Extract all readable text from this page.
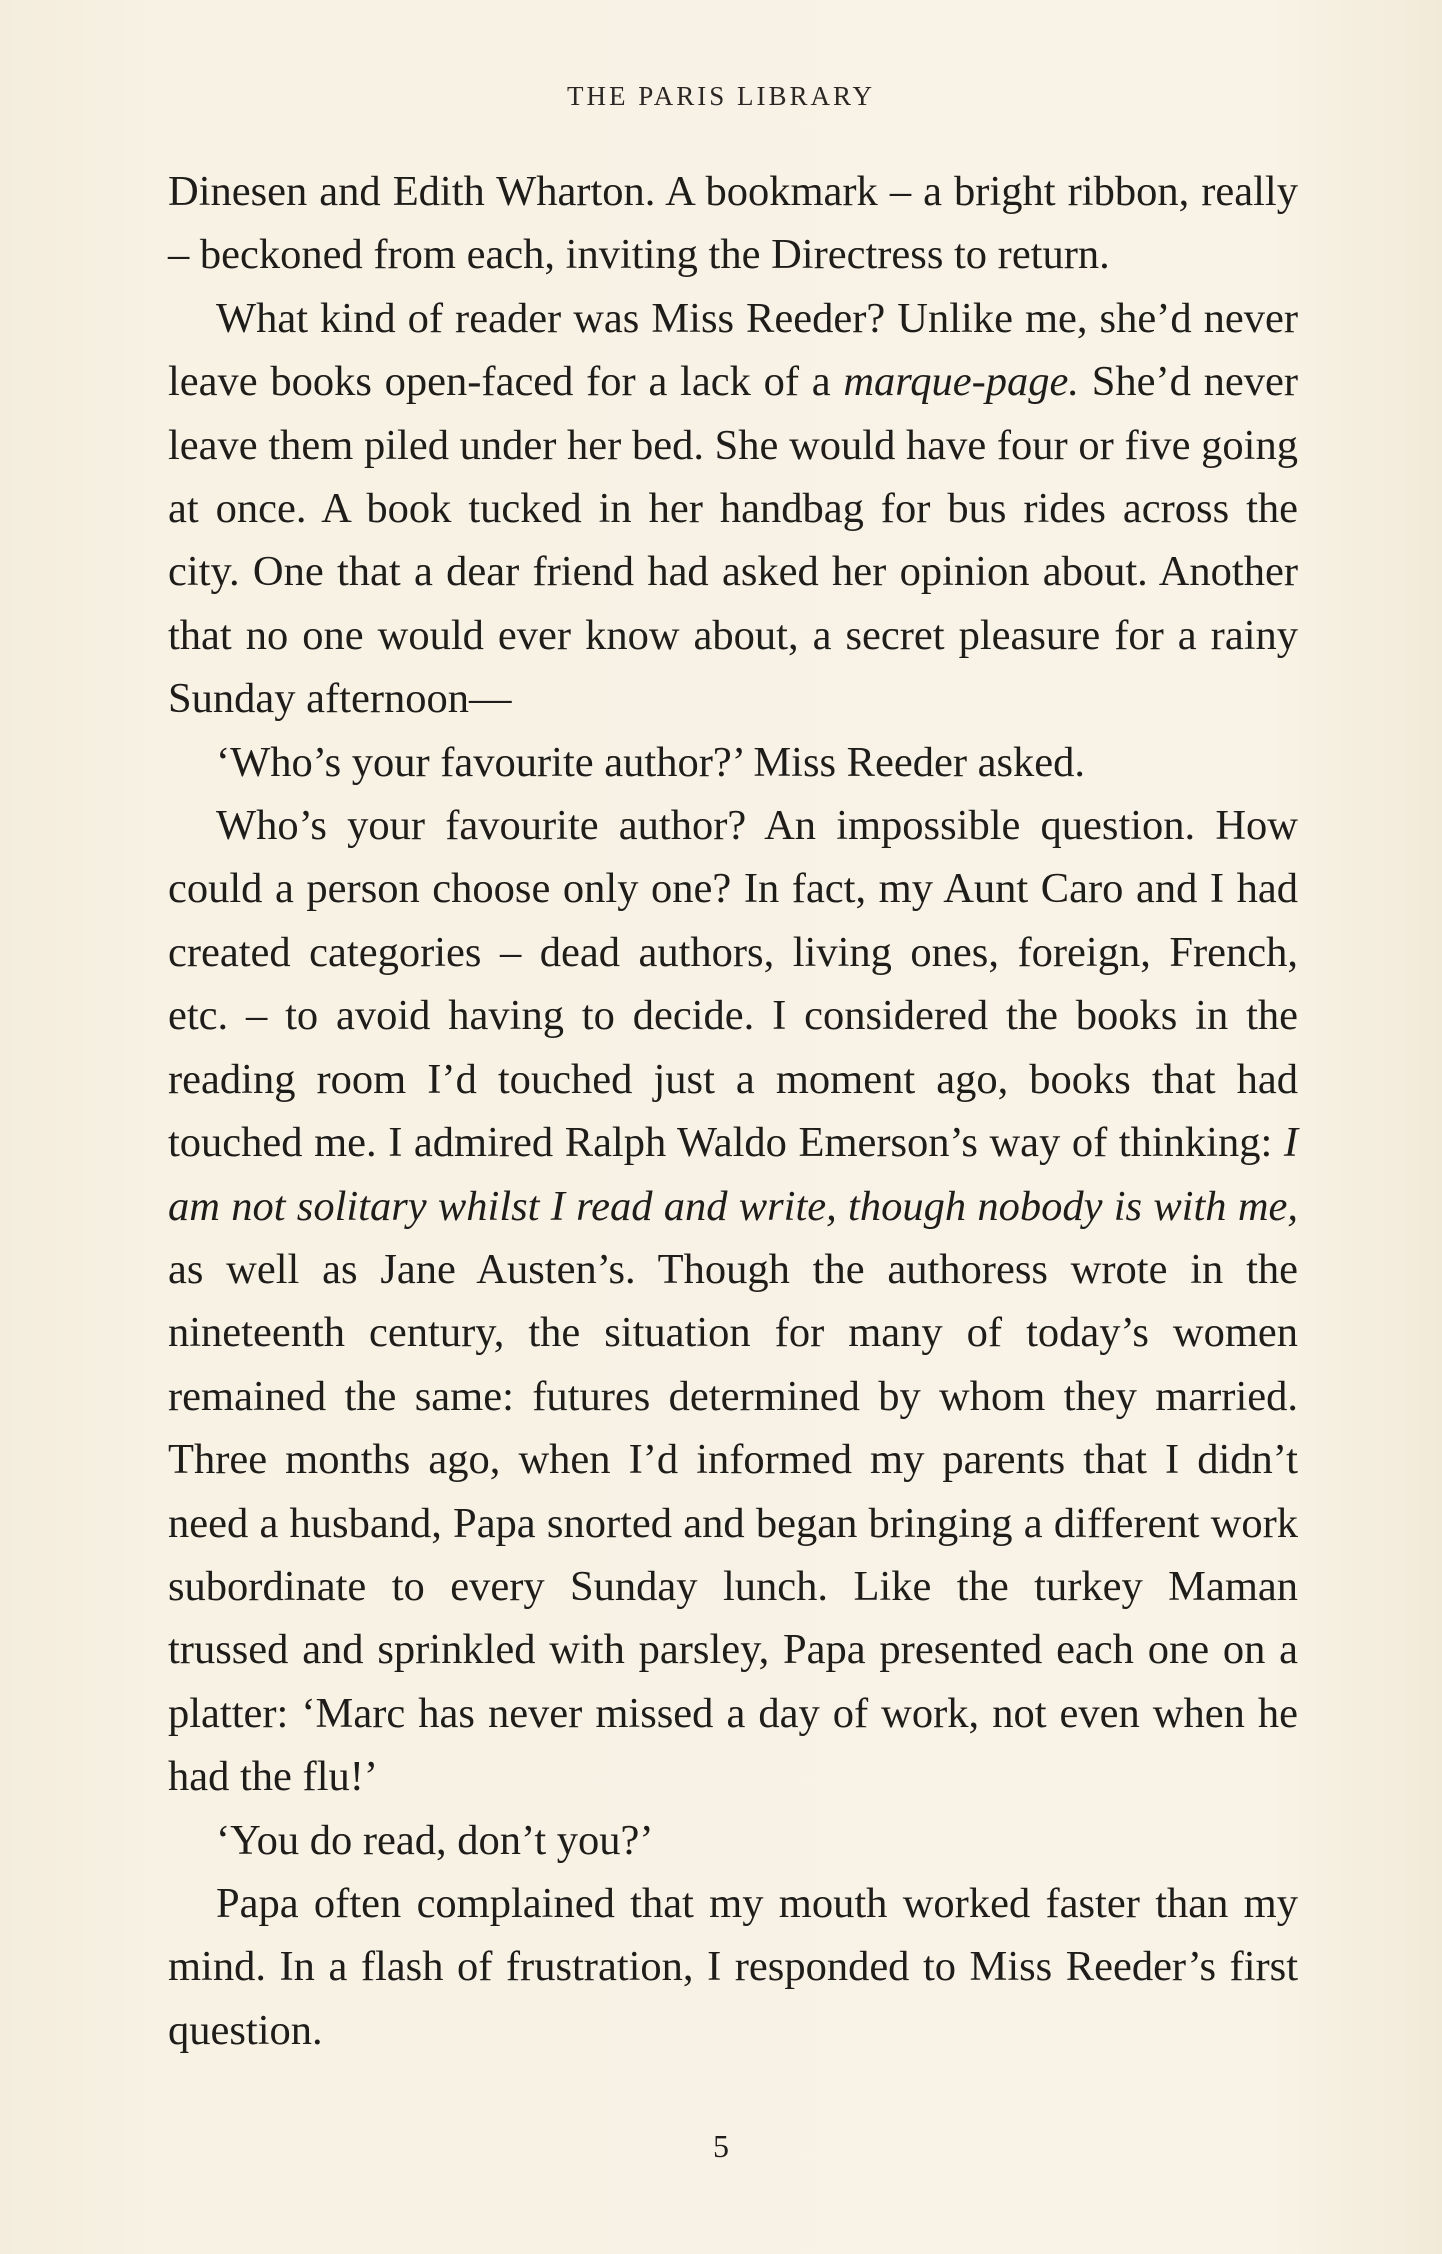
THE PARIS LIBRARY

Dinesen and Edith Wharton. A bookmark – a bright ribbon, really – beckoned from each, inviting the Directress to return.

What kind of reader was Miss Reeder? Unlike me, she’d never leave books open-faced for a lack of a marque-page. She’d never leave them piled under her bed. She would have four or five going at once. A book tucked in her handbag for bus rides across the city. One that a dear friend had asked her opinion about. Another that no one would ever know about, a secret pleasure for a rainy Sunday afternoon—

‘Who’s your favourite author?’ Miss Reeder asked.

Who’s your favourite author? An impossible question. How could a person choose only one? In fact, my Aunt Caro and I had created categories – dead authors, living ones, foreign, French, etc. – to avoid having to decide. I considered the books in the reading room I’d touched just a moment ago, books that had touched me. I admired Ralph Waldo Emerson’s way of thinking: I am not solitary whilst I read and write, though nobody is with me, as well as Jane Austen’s. Though the authoress wrote in the nineteenth century, the situation for many of today’s women remained the same: futures determined by whom they married. Three months ago, when I’d informed my parents that I didn’t need a husband, Papa snorted and began bringing a different work subordinate to every Sunday lunch. Like the turkey Maman trussed and sprinkled with parsley, Papa presented each one on a platter: ‘Marc has never missed a day of work, not even when he had the flu!’

‘You do read, don’t you?’

Papa often complained that my mouth worked faster than my mind. In a flash of frustration, I responded to Miss Reeder’s first question.

5
